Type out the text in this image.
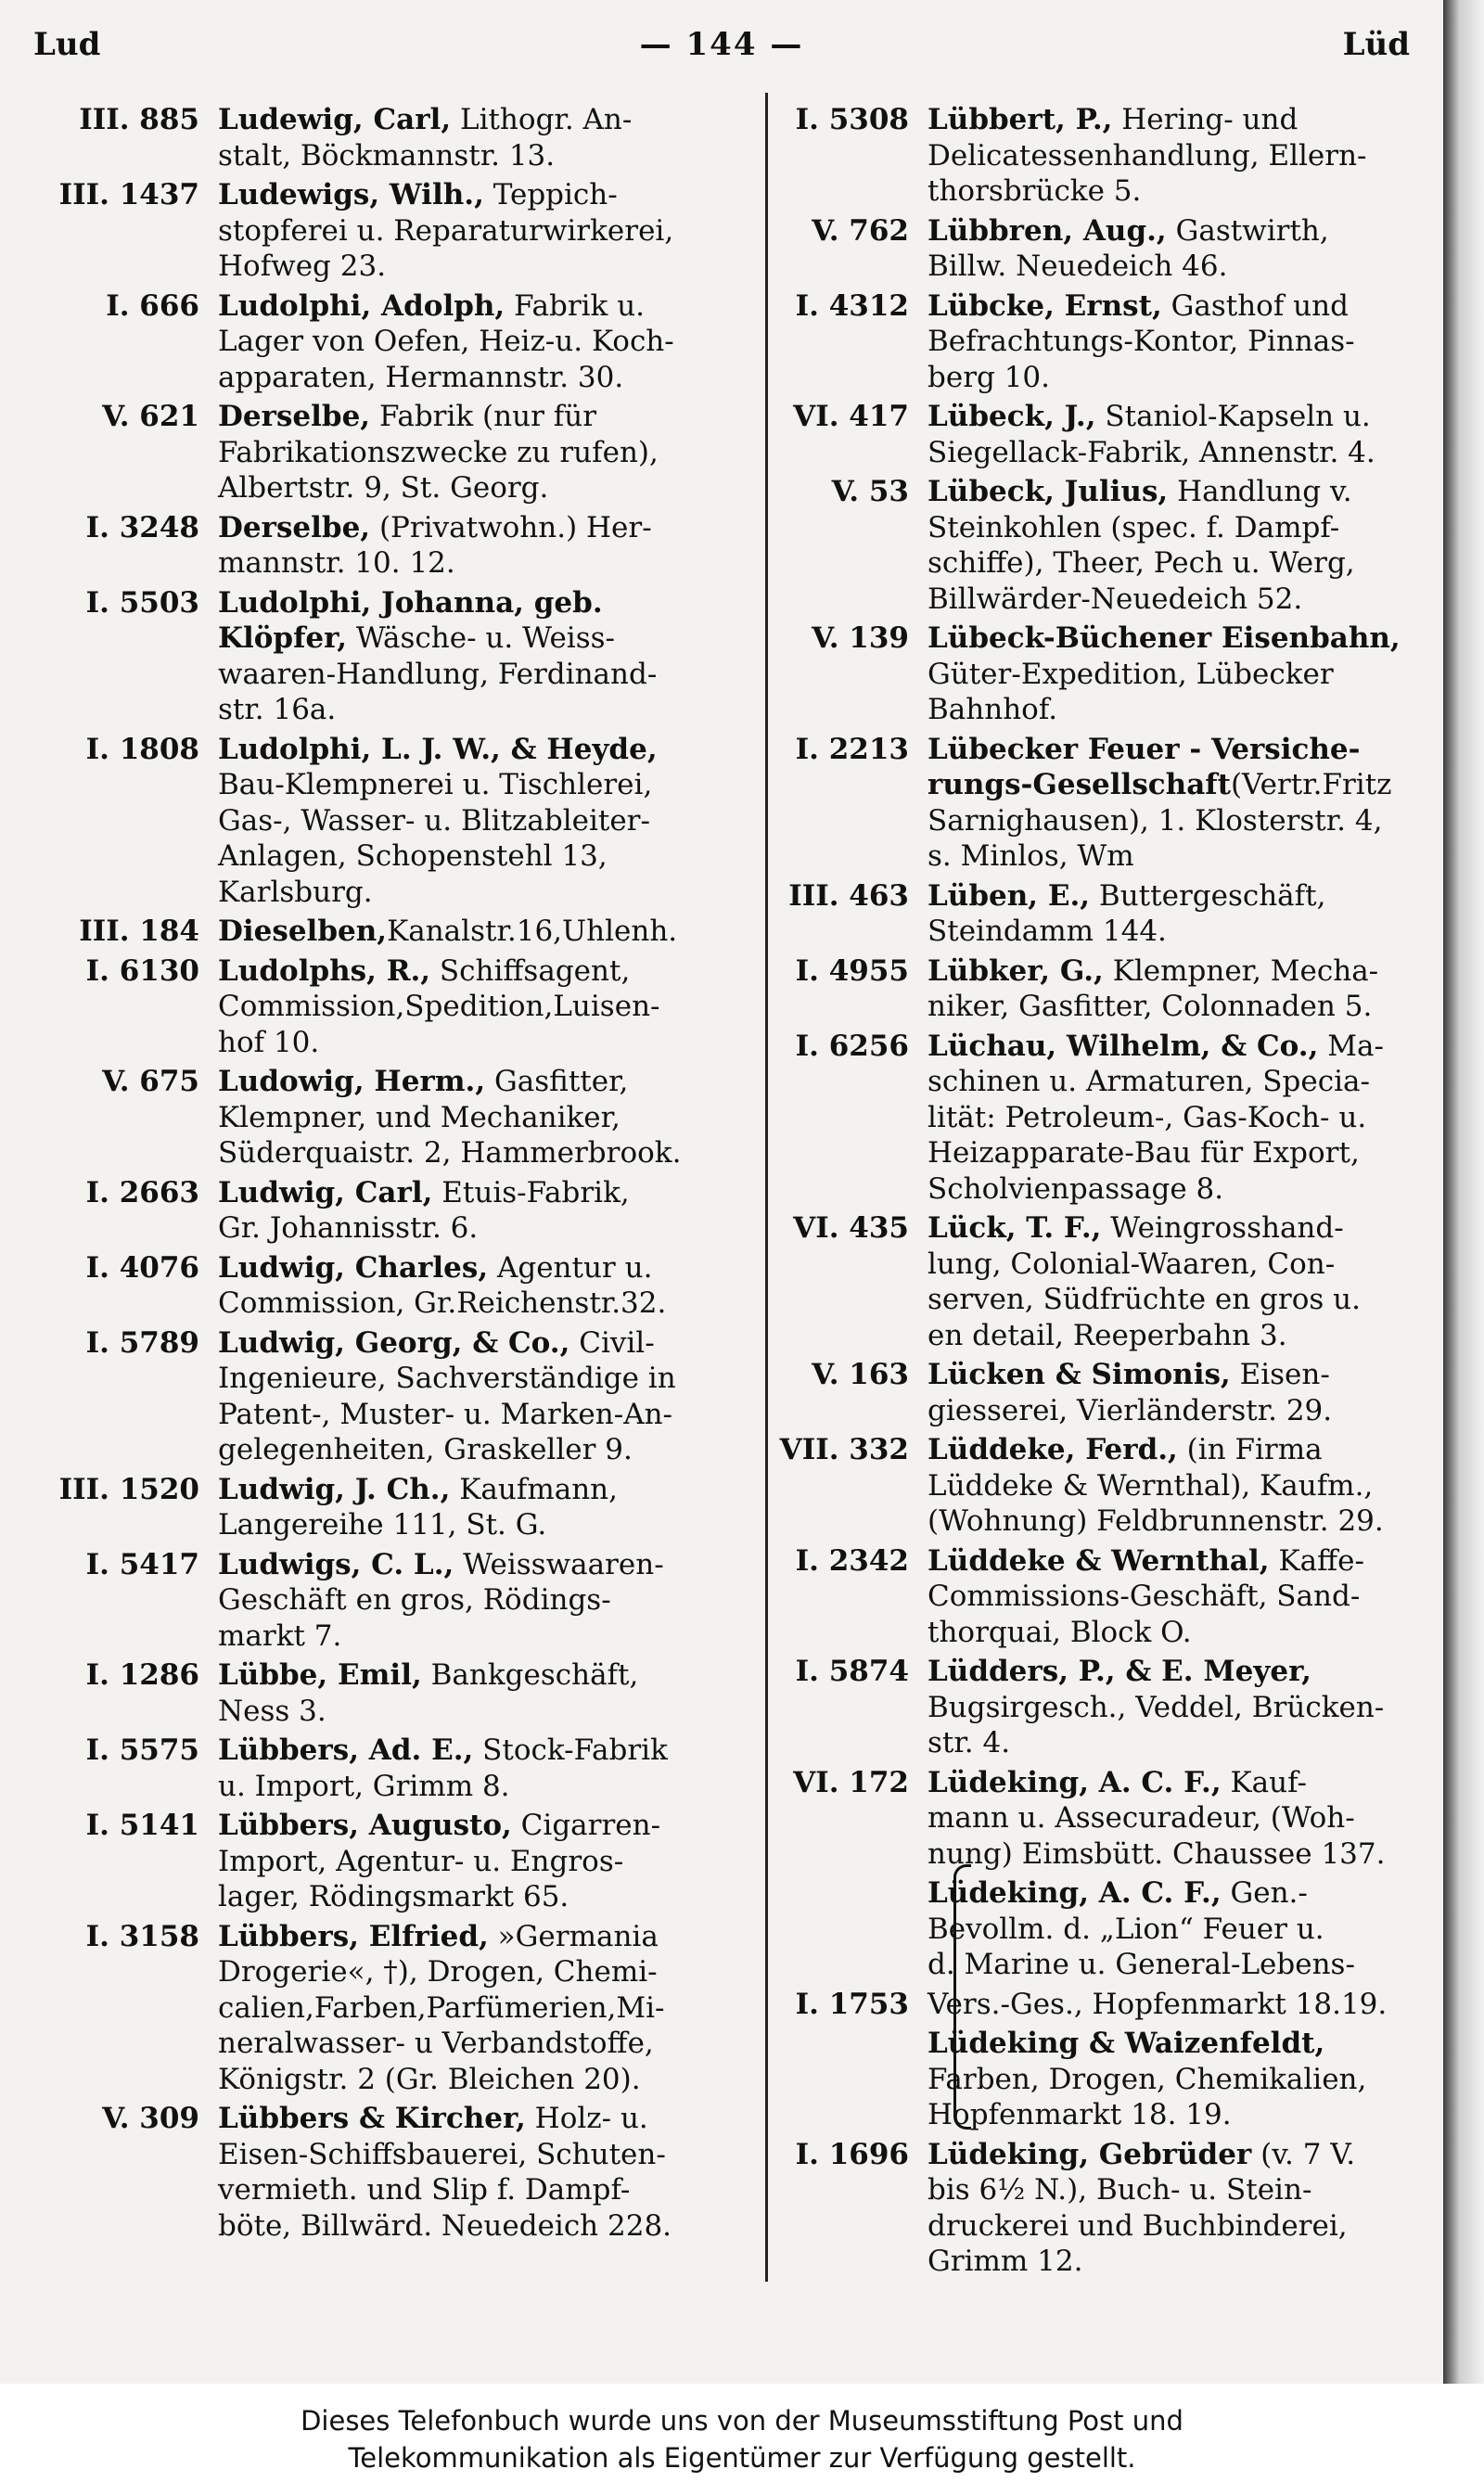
Lud	— 144 —	Lüd
III. 885 Ludewig, Carl, Lithogr. An-
stalt, Böckmannstr. 13.
III. 1437 Ludewigs, Wilh., Teppich-
stopferei u. Reparaturwirkerei,
Hofweg 23.
I. 666 Ludolphi, Adolph, Fabrik u.
Lager von Oefen, Heiz-u. Koch-
apparaten, Hermannstr. 30.
V. 621 Derselbe, Fabrik (nur für
Fabrikationszwecke zu rufen),
Albertstr. 9, St. Georg.
I. 3248 Derselbe, (Privatwohn.) Her-
mannstr. 10. 12.
I. 5503 Ludolphi, Johanna, geb.
Klöpfer, Wäsche- u. Weiss-
waaren-Handlung, Ferdinand-
str. 16a.
I. 1808 Ludolphi, L. J. W., & Heyde,
Bau-Klempnerei u. Tischlerei,
Gas-, Wasser- u. Blitzableiter-
Anlagen, Schopenstehl 13,
Karlsburg.
III. 184 Dieselben,Kanalstr.16,Uhlenh.
I. 6130 Ludolphs, R., Schiffsagent,
Commission,Spedition,Luisen-
hof 10.
V. 675 Ludowig, Herm., Gasfitter,
Klempner, und Mechaniker,
Süderquaistr. 2, Hammerbrook.
I. 2663 Ludwig, Carl, Etuis-Fabrik,
Gr. Johannisstr. 6.
I. 4076 Ludwig, Charles, Agentur u.
Commission, Gr.Reichenstr.32.
I. 5789 Ludwig, Georg, & Co., Civil-
Ingenieure, Sachverständige in
Patent-, Muster- u. Marken-An-
gelegenheiten, Graskeller 9.
III. 1520 Ludwig, J. Ch., Kaufmann,
Langereihe 111, St. G.
I. 5417 Ludwigs, C. L., Weisswaaren-
Geschäft en gros, Rödings-
markt 7.
I. 1286 Lübbe, Emil, Bankgeschäft,
Ness 3.
I. 5575 Lübbers, Ad. E., Stock-Fabrik
u. Import, Grimm 8.
I. 5141 Lübbers, Augusto, Cigarren-
Import, Agentur- u. Engros-
lager, Rödingsmarkt 65.
I. 3158 Lübbers, Elfried, »Germania
Drogerie«, †), Drogen, Chemi-
calien,Farben,Parfümerien,Mi-
neralwasser- u Verbandstoffe,
Königstr. 2 (Gr. Bleichen 20).
V. 309 Lübbers & Kircher, Holz- u.
Eisen-Schiffsbauerei, Schuten-
vermieth. und Slip f. Dampf-
böte, Billwärd. Neuedeich 228.
I. 5308 Lübbert, P., Hering- und
Delicatessenhandlung, Ellern-
thorsbrücke 5.
V. 762 Lübbren, Aug., Gastwirth,
Billw. Neuedeich 46.
I. 4312 Lübcke, Ernst, Gasthof und
Befrachtungs-Kontor, Pinnas-
berg 10.
VI. 417 Lübeck, J., Staniol-Kapseln u.
Siegellack-Fabrik, Annenstr. 4.
V. 53 Lübeck, Julius, Handlung v.
Steinkohlen (spec. f. Dampf-
schiffe), Theer, Pech u. Werg,
Billwärder-Neuedeich 52.
V. 139 Lübeck-Büchener Eisenbahn,
Güter-Expedition, Lübecker
Bahnhof.
I. 2213 Lübecker Feuer - Versiche-
rungs-Gesellschaft(Vertr.Fritz
Sarnighausen), 1. Klosterstr. 4,
s. Minlos, Wm
III. 463 Lüben, E., Buttergeschäft,
Steindamm 144.
I. 4955 Lübker, G., Klempner, Mecha-
niker, Gasfitter, Colonnaden 5.
I. 6256 Lüchau, Wilhelm, & Co., Ma-
schinen u. Armaturen, Specia-
lität: Petroleum-, Gas-Koch- u.
Heizapparate-Bau für Export,
Scholvienpassage 8.
VI. 435 Lück, T. F., Weingrosshand-
lung, Colonial-Waaren, Con-
serven, Südfrüchte en gros u.
en detail, Reeperbahn 3.
V. 163 Lücken & Simonis, Eisen-
giesserei, Vierländerstr. 29.
VII. 332 Lüddeke, Ferd., (in Firma
Lüddeke & Wernthal), Kaufm.,
(Wohnung) Feldbrunnenstr. 29.
I. 2342 Lüddeke & Wernthal, Kaffe-
Commissions-Geschäft, Sand-
thorquai, Block O.
I. 5874 Lüdders, P., & E. Meyer,
Bugsirgesch., Veddel, Brücken-
str. 4.
VI. 172 Lüdeking, A. C. F., Kauf-
mann u. Assecuradeur, (Woh-
nung) Eimsbütt. Chaussee 137.
Lüdeking, A. C. F., Gen.-
Bevollm. d. „Lion“ Feuer u.
d. Marine u. General-Lebens-
I. 1753 Vers.-Ges., Hopfenmarkt 18.19.
Lüdeking & Waizenfeldt,
Farben, Drogen, Chemikalien,
Hopfenmarkt 18. 19.
I. 1696 Lüdeking, Gebrüder (v. 7 V.
bis 6½ N.), Buch- u. Stein-
druckerei und Buchbinderei,
Grimm 12.
Dieses Telefonbuch wurde uns von der Museumsstiftung Post und
Telekommunikation als Eigentümer zur Verfügung gestellt.
